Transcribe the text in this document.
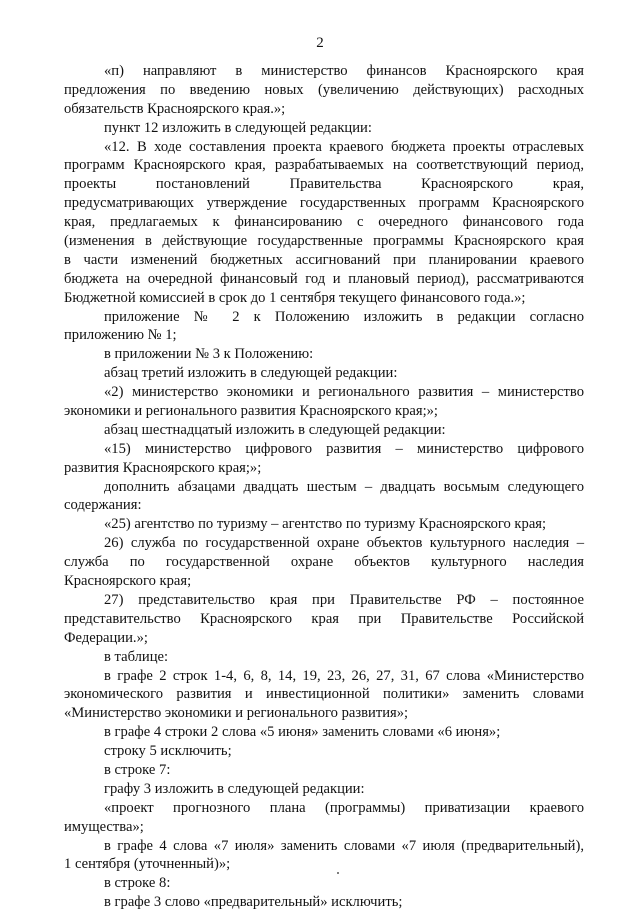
2
«п) направляют в министерство финансов Красноярского края
предложения по введению новых (увеличению действующих) расходных
обязательств Красноярского края.»;
пункт 12 изложить в следующей редакции:
«12. В ходе составления проекта краевого бюджета проекты отраслевых
программ Красноярского края, разрабатываемых на соответствующий период,
проекты постановлений Правительства Красноярского края,
предусматривающих утверждение государственных программ Красноярского
края, предлагаемых к финансированию с очередного финансового года
(изменения в действующие государственные программы Красноярского края
в части изменений бюджетных ассигнований при планировании краевого
бюджета на очередной финансовый год и плановый период), рассматриваются
Бюджетной комиссией в срок до 1 сентября текущего финансового года.»;
приложение № 2 к Положению изложить в редакции согласно
приложению № 1;
в приложении № 3 к Положению:
абзац третий изложить в следующей редакции:
«2) министерство экономики и регионального развития – министерство
экономики и регионального развития Красноярского края;»;
абзац шестнадцатый изложить в следующей редакции:
«15) министерство цифрового развития – министерство цифрового
развития Красноярского края;»;
дополнить абзацами двадцать шестым – двадцать восьмым следующего
содержания:
«25) агентство по туризму – агентство по туризму Красноярского края;
26) служба по государственной охране объектов культурного наследия –
служба по государственной охране объектов культурного наследия
Красноярского края;
27) представительство края при Правительстве РФ – постоянное
представительство Красноярского края при Правительстве Российской
Федерации.»;
в таблице:
в графе 2 строк 1-4, 6, 8, 14, 19, 23, 26, 27, 31, 67 слова «Министерство
экономического развития и инвестиционной политики» заменить словами
«Министерство экономики и регионального развития»;
в графе 4 строки 2 слова «5 июня» заменить словами «6 июня»;
строку 5 исключить;
в строке 7:
графу 3 изложить в следующей редакции:
«проект прогнозного плана (программы) приватизации краевого
имущества»;
в графе 4 слова «7 июля» заменить словами «7 июля (предварительный),
1 сентября (уточненный)»;
в строке 8:
в графе 3 слово «предварительный» исключить;
